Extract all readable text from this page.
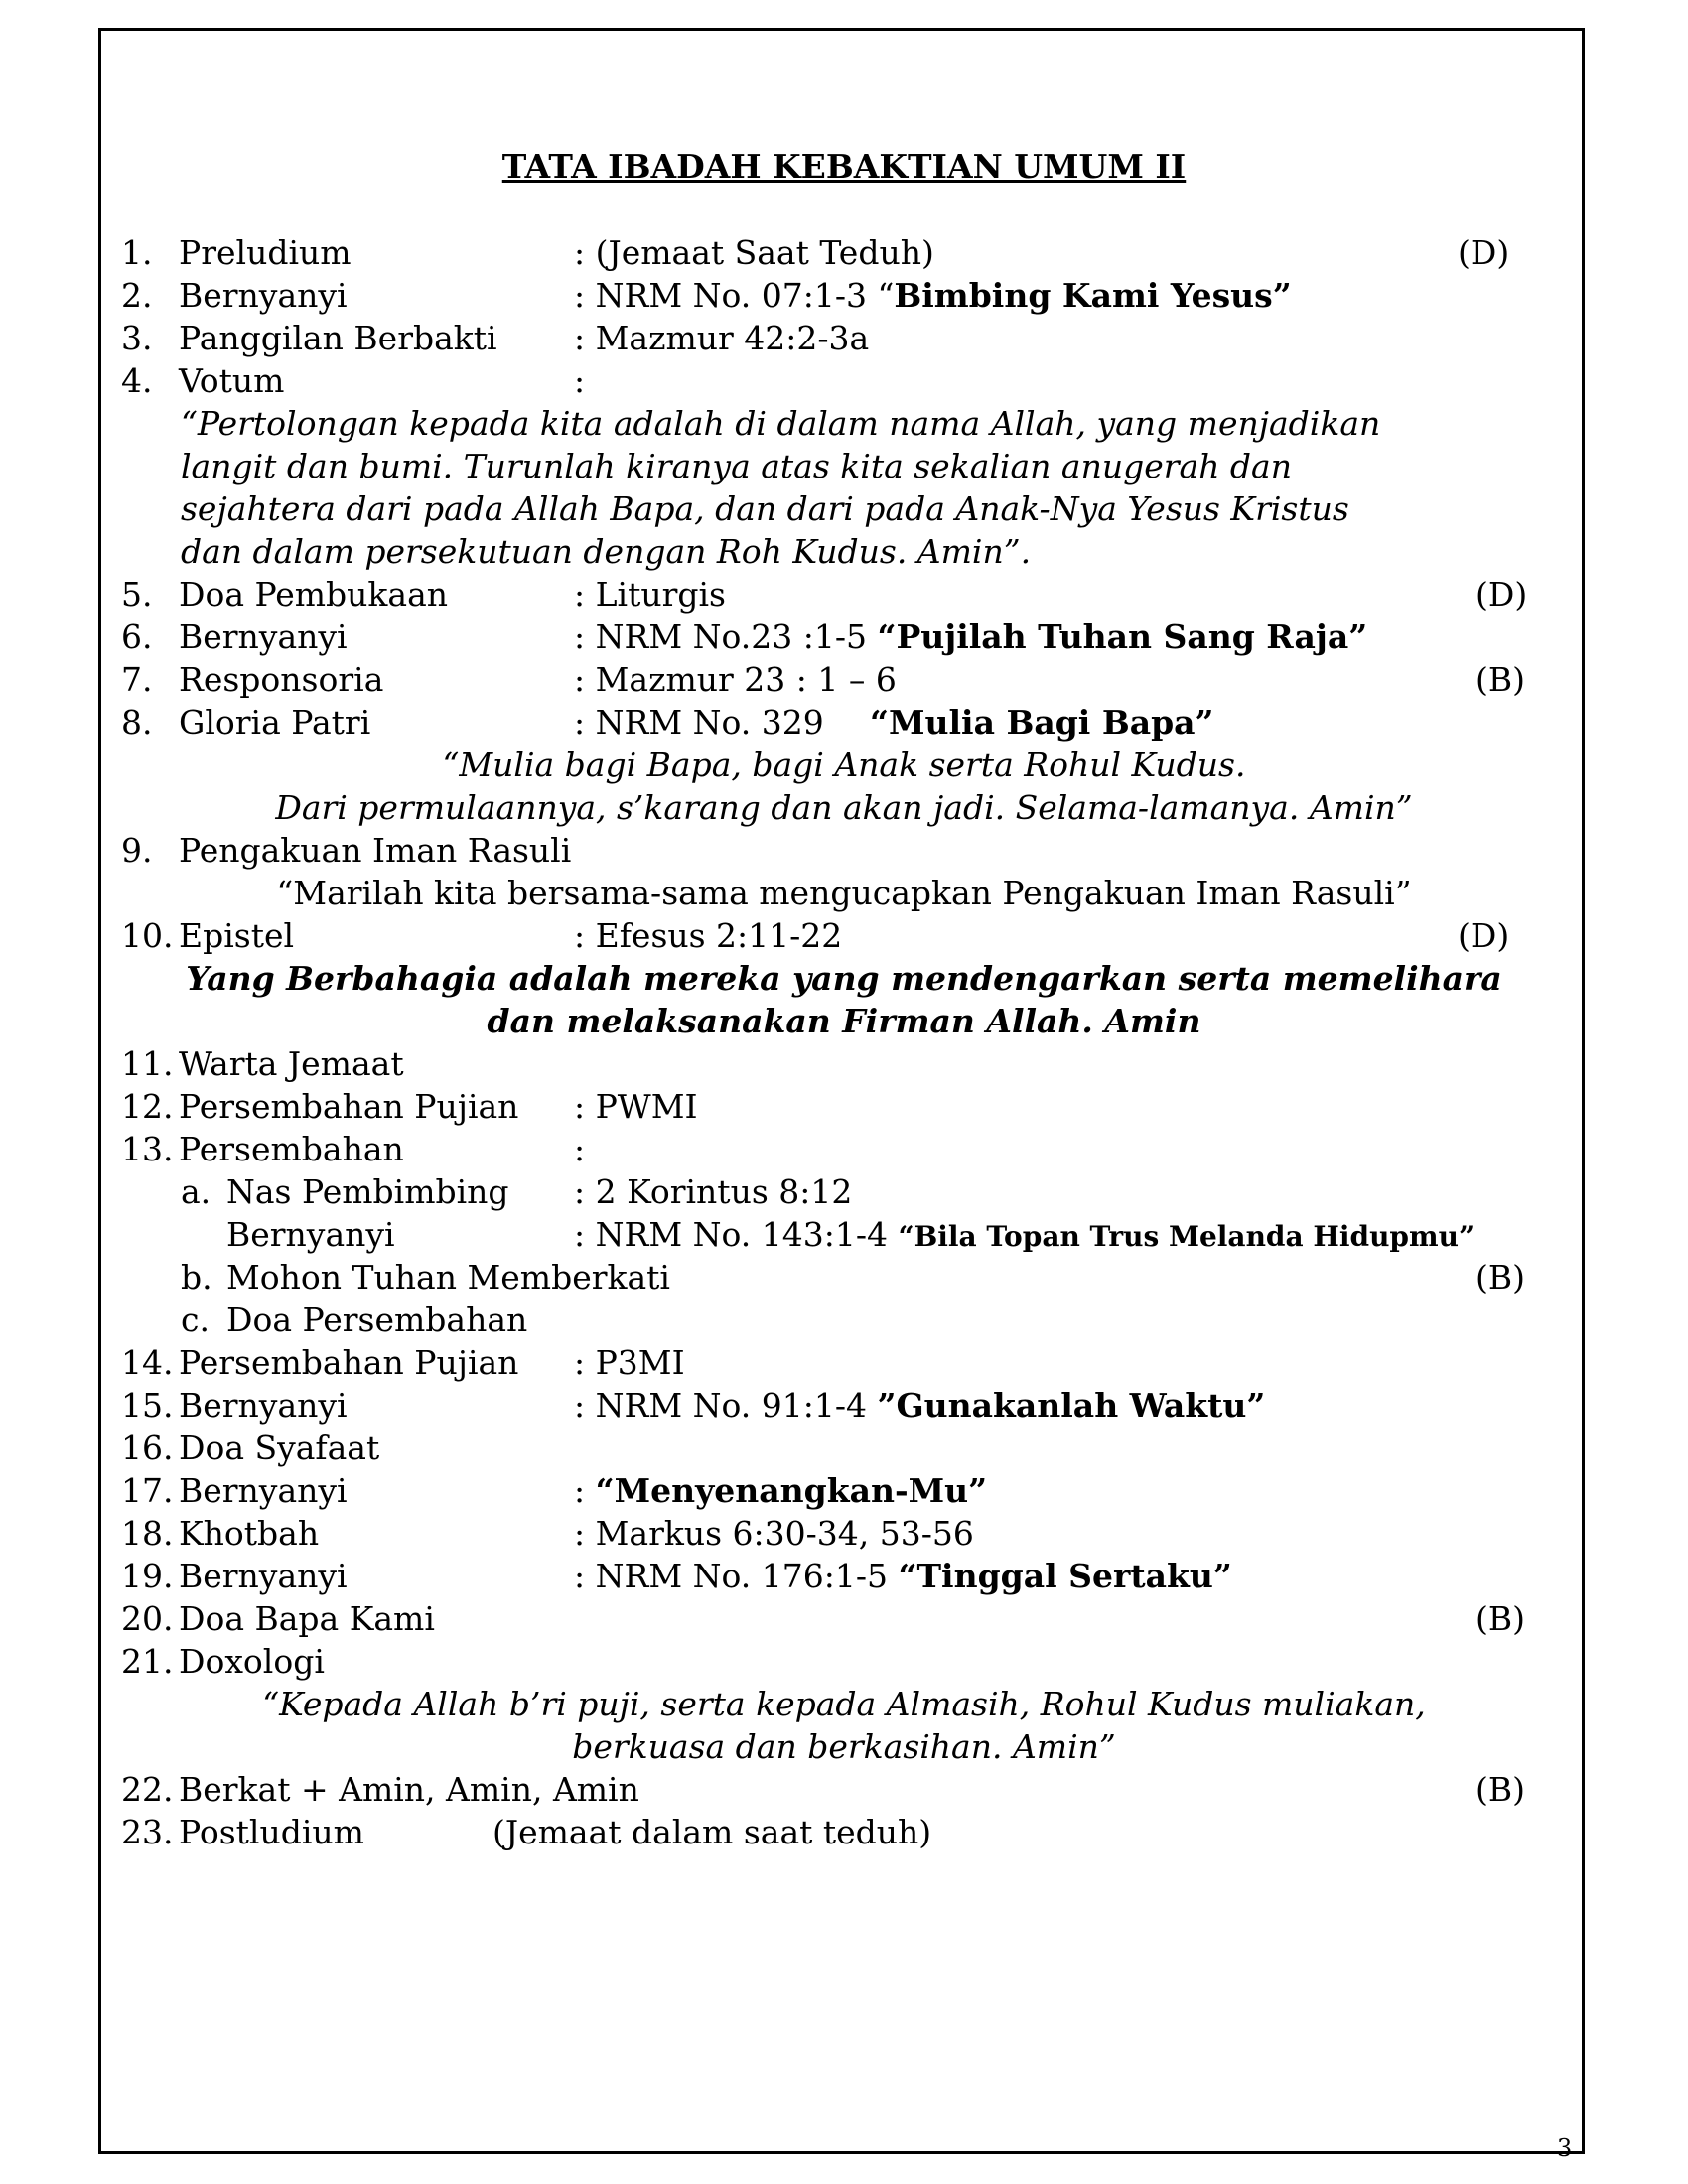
TATA IBADAH KEBAKTIAN UMUM II
1. Preludium	: (Jemaat Saat Teduh)	(D)
2. Bernyanyi	: NRM No. 07:1-3 “Bimbing Kami Yesus”
3. Panggilan Berbakti : Mazmur 42:2-3a
4. Votum	:
“Pertolongan kepada kita adalah di dalam nama Allah, yang menjadikan
langit dan bumi. Turunlah kiranya atas kita sekalian anugerah dan
sejahtera dari pada Allah Bapa, dan dari pada Anak-Nya Yesus Kristus
dan dalam persekutuan dengan Roh Kudus. Amin”.
5. Doa Pembukaan	: Liturgis	(D)
6. Bernyanyi	: NRM No.23 :1-5 “Pujilah Tuhan Sang Raja”
7. Responsoria	: Mazmur 23 : 1 – 6	(B)
8. Gloria Patri	: NRM No. 329 “Mulia Bagi Bapa”
“Mulia bagi Bapa, bagi Anak serta Rohul Kudus.
Dari permulaannya, s’karang dan akan jadi. Selama-lamanya. Amin”
9. Pengakuan Iman Rasuli
“Marilah kita bersama-sama mengucapkan Pengakuan Iman Rasuli”
10. Epistel	: Efesus 2:11-22	(D)
Yang Berbahagia adalah mereka yang mendengarkan serta memelihara
dan melaksanakan Firman Allah. Amin
11. Warta Jemaat
12. Persembahan Pujian : PWMI
13. Persembahan	:
a. Nas Pembimbing : 2 Korintus 8:12
Bernyanyi	: NRM No. 143:1-4 “Bila Topan Trus Melanda Hidupmu”
b. Mohon Tuhan Memberkati	(B)
c. Doa Persembahan
14. Persembahan Pujian : P3MI
15. Bernyanyi	: NRM No. 91:1-4 ”Gunakanlah Waktu”
16. Doa Syafaat
17. Bernyanyi	: “Menyenangkan-Mu”
18. Khotbah	: Markus 6:30-34, 53-56
19. Bernyanyi	: NRM No. 176:1-5 “Tinggal Sertaku”
20. Doa Bapa Kami	(B)
21. Doxologi
“Kepada Allah b’ri puji, serta kepada Almasih, Rohul Kudus muliakan,
berkuasa dan berkasihan. Amin”
22. Berkat + Amin, Amin, Amin	(B)
23. Postludium	(Jemaat dalam saat teduh)
3
